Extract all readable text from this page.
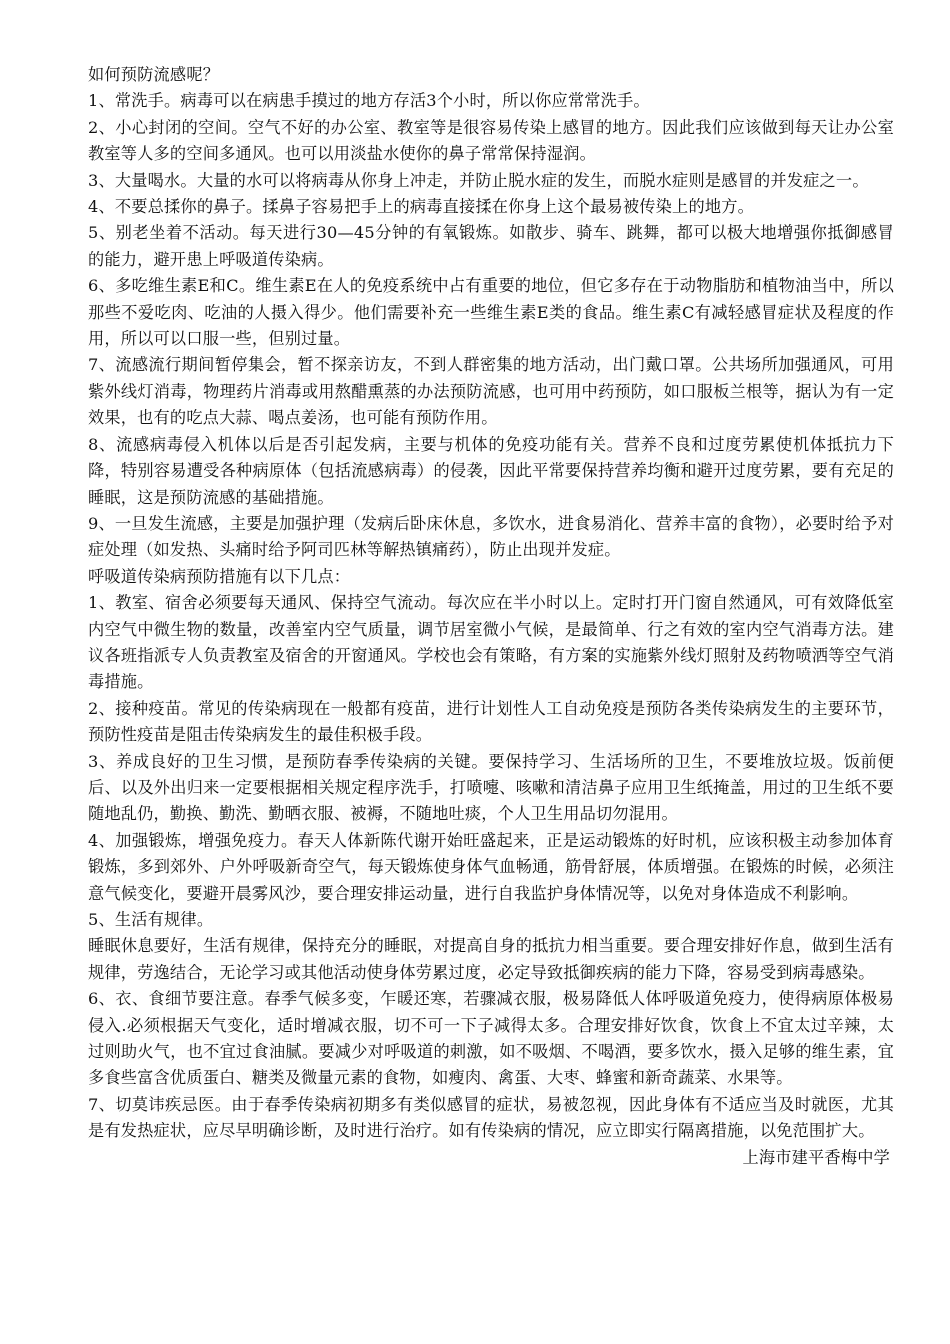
如何预防流感呢？

1、常洗手。病毒可以在病患手摸过的地方存活3个小时，所以你应常常洗手。

2、小心封闭的空间。空气不好的办公室、教室等是很容易传染上感冒的地方。因此我们应该做到每天让办公室教室等人多的空间多通风。也可以用淡盐水使你的鼻子常常保持湿润。

3、大量喝水。大量的水可以将病毒从你身上冲走，并防止脱水症的发生，而脱水症则是感冒的并发症之一。

4、不要总揉你的鼻子。揉鼻子容易把手上的病毒直接揉在你身上这个最易被传染上的地方。

5、别老坐着不活动。每天进行30—45分钟的有氧锻炼。如散步、骑车、跳舞，都可以极大地增强你抵御感冒的能力，避开患上呼吸道传染病。

6、多吃维生素E和C。维生素E在人的免疫系统中占有重要的地位，但它多存在于动物脂肪和植物油当中，所以那些不爱吃肉、吃油的人摄入得少。他们需要补充一些维生素E类的食品。维生素C有减轻感冒症状及程度的作用，所以可以口服一些，但别过量。

7、流感流行期间暂停集会，暂不探亲访友，不到人群密集的地方活动，出门戴口罩。公共场所加强通风，可用紫外线灯消毒，物理药片消毒或用熬醋熏蒸的办法预防流感，也可用中药预防，如口服板兰根等，据认为有一定效果，也有的吃点大蒜、喝点姜汤，也可能有预防作用。

8、流感病毒侵入机体以后是否引起发病，主要与机体的免疫功能有关。营养不良和过度劳累使机体抵抗力下降，特别容易遭受各种病原体（包括流感病毒）的侵袭，因此平常要保持营养均衡和避开过度劳累，要有充足的睡眠，这是预防流感的基础措施。

9、一旦发生流感，主要是加强护理（发病后卧床休息，多饮水，进食易消化、营养丰富的食物），必要时给予对症处理（如发热、头痛时给予阿司匹林等解热镇痛药），防止出现并发症。

呼吸道传染病预防措施有以下几点：

1、教室、宿舍必须要每天通风、保持空气流动。每次应在半小时以上。定时打开门窗自然通风，可有效降低室内空气中微生物的数量，改善室内空气质量，调节居室微小气候，是最简单、行之有效的室内空气消毒方法。建议各班指派专人负责教室及宿舍的开窗通风。学校也会有策略，有方案的实施紫外线灯照射及药物喷洒等空气消毒措施。

2、接种疫苗。常见的传染病现在一般都有疫苗，进行计划性人工自动免疫是预防各类传染病发生的主要环节，预防性疫苗是阻击传染病发生的最佳积极手段。

3、养成良好的卫生习惯，是预防春季传染病的关键。要保持学习、生活场所的卫生，不要堆放垃圾。饭前便后、以及外出归来一定要根据相关规定程序洗手，打喷嚏、咳嗽和清洁鼻子应用卫生纸掩盖，用过的卫生纸不要随地乱仍，勤换、勤洗、勤晒衣服、被褥，不随地吐痰，个人卫生用品切勿混用。

4、加强锻炼，增强免疫力。春天人体新陈代谢开始旺盛起来，正是运动锻炼的好时机，应该积极主动参加体育锻炼，多到郊外、户外呼吸新奇空气，每天锻炼使身体气血畅通，筋骨舒展，体质增强。在锻炼的时候，必须注意气候变化，要避开晨雾风沙，要合理安排运动量，进行自我监护身体情况等，以免对身体造成不利影响。

5、生活有规律。

睡眠休息要好，生活有规律，保持充分的睡眠，对提高自身的抵抗力相当重要。要合理安排好作息，做到生活有规律，劳逸结合，无论学习或其他活动使身体劳累过度，必定导致抵御疾病的能力下降，容易受到病毒感染。

6、衣、食细节要注意。春季气候多变，乍暖还寒，若骤减衣服，极易降低人体呼吸道免疫力，使得病原体极易侵入.必须根据天气变化，适时增减衣服，切不可一下子减得太多。合理安排好饮食，饮食上不宜太过辛辣，太过则助火气，也不宜过食油腻。要减少对呼吸道的刺激，如不吸烟、不喝酒，要多饮水，摄入足够的维生素，宜多食些富含优质蛋白、糖类及微量元素的食物，如瘦肉、禽蛋、大枣、蜂蜜和新奇蔬菜、水果等。

7、切莫讳疾忌医。由于春季传染病初期多有类似感冒的症状，易被忽视，因此身体有不适应当及时就医，尤其是有发热症状，应尽早明确诊断，及时进行治疗。如有传染病的情况，应立即实行隔离措施，以免范围扩大。

上海市建平香梅中学
